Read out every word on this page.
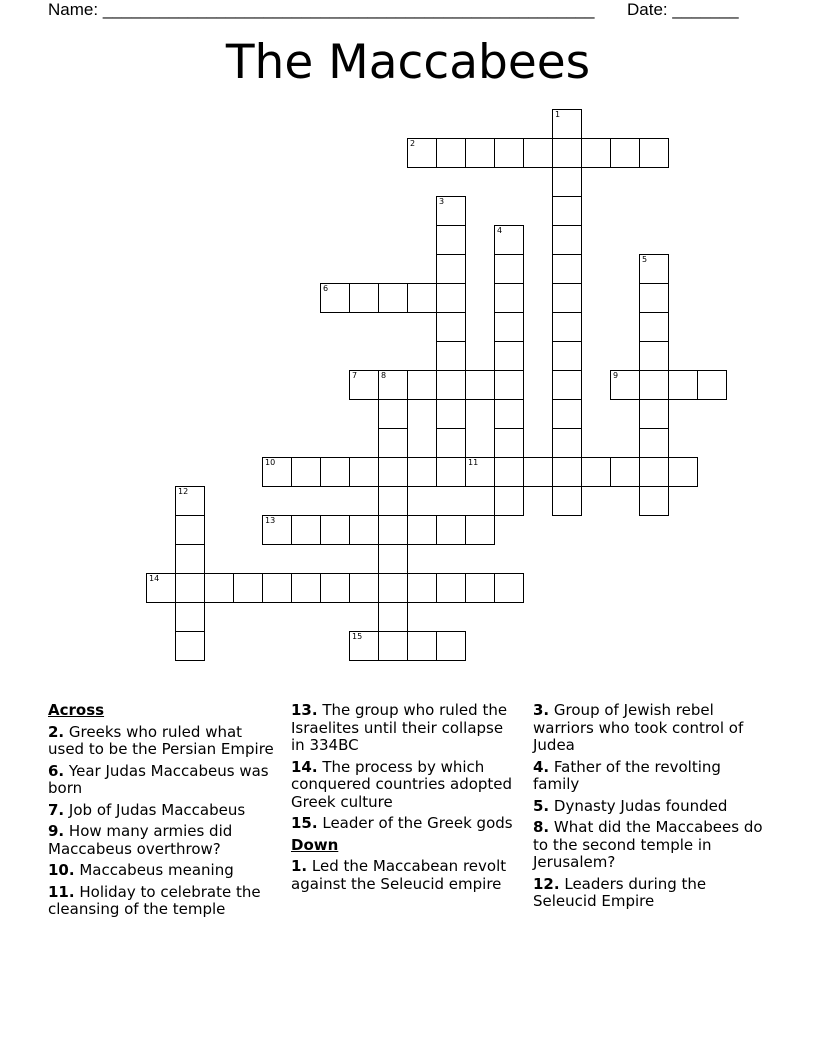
Name: ____________________________________________________ Date: _______
The Maccabees
2
6
7	8	9
10	11
13
14
15
1
3
4
5
12
Across
2. Greeks who ruled what used to be the Persian Empire
6. Year Judas Maccabeus was born
7. Job of Judas Maccabeus
9. How many armies did Maccabeus overthrow?
10. Maccabeus meaning
11. Holiday to celebrate the cleansing of the temple
13. The group who ruled the Israelites until their collapse in 334BC
14. The process by which conquered countries adopted Greek culture
15. Leader of the Greek gods
Down
1. Led the Maccabean revolt against the Seleucid empire
3. Group of Jewish rebel warriors who took control of Judea
4. Father of the revolting family
5. Dynasty Judas founded
8. What did the Maccabees do to the second temple in Jerusalem?
12. Leaders during the Seleucid Empire
